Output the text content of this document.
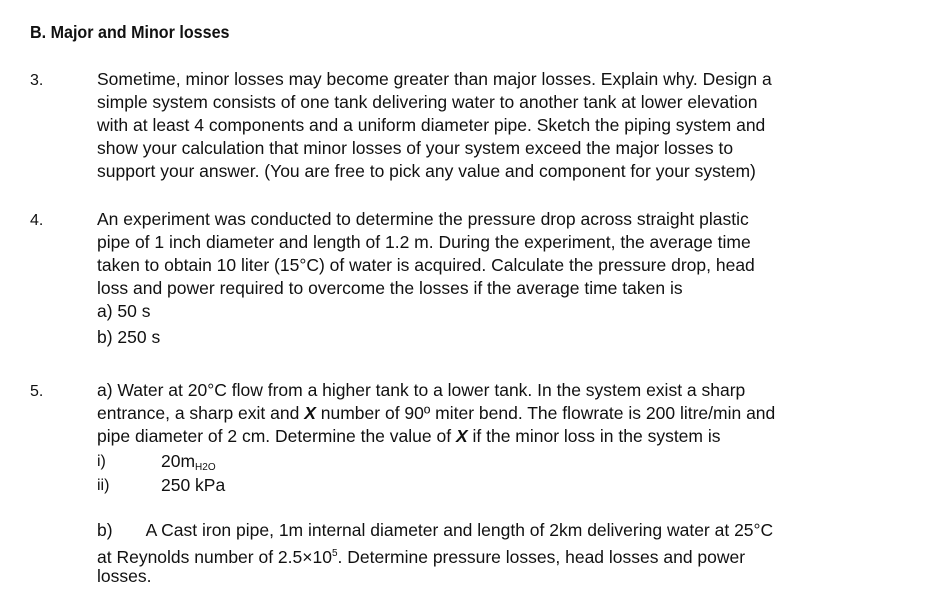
B. Major and Minor losses
3.	Sometime, minor losses may become greater than major losses. Explain why. Design a
simple system consists of one tank delivering water to another tank at lower elevation
with at least 4 components and a uniform diameter pipe. Sketch the piping system and
show your calculation that minor losses of your system exceed the major losses to
support your answer. (You are free to pick any value and component for your system)
4.	An experiment was conducted to determine the pressure drop across straight plastic
pipe of 1 inch diameter and length of 1.2 m. During the experiment, the average time
taken to obtain 10 liter (15°C) of water is acquired. Calculate the pressure drop, head
loss and power required to overcome the losses if the average time taken is
a) 50 s
b) 250 s
5.	a) Water at 20°C flow from a higher tank to a lower tank. In the system exist a sharp
entrance, a sharp exit and X number of 90º miter bend. The flowrate is 200 litre/min and
pipe diameter of 2 cm. Determine the value of X if the minor loss in the system is
i)	$20m_{H2O}$
ii)	250 kPa
b) A Cast iron pipe, 1m internal diameter and length of 2km delivering water at 25°C
at Reynolds number of $2.5\times 10^5$. Determine pressure losses, head losses and power
losses.
